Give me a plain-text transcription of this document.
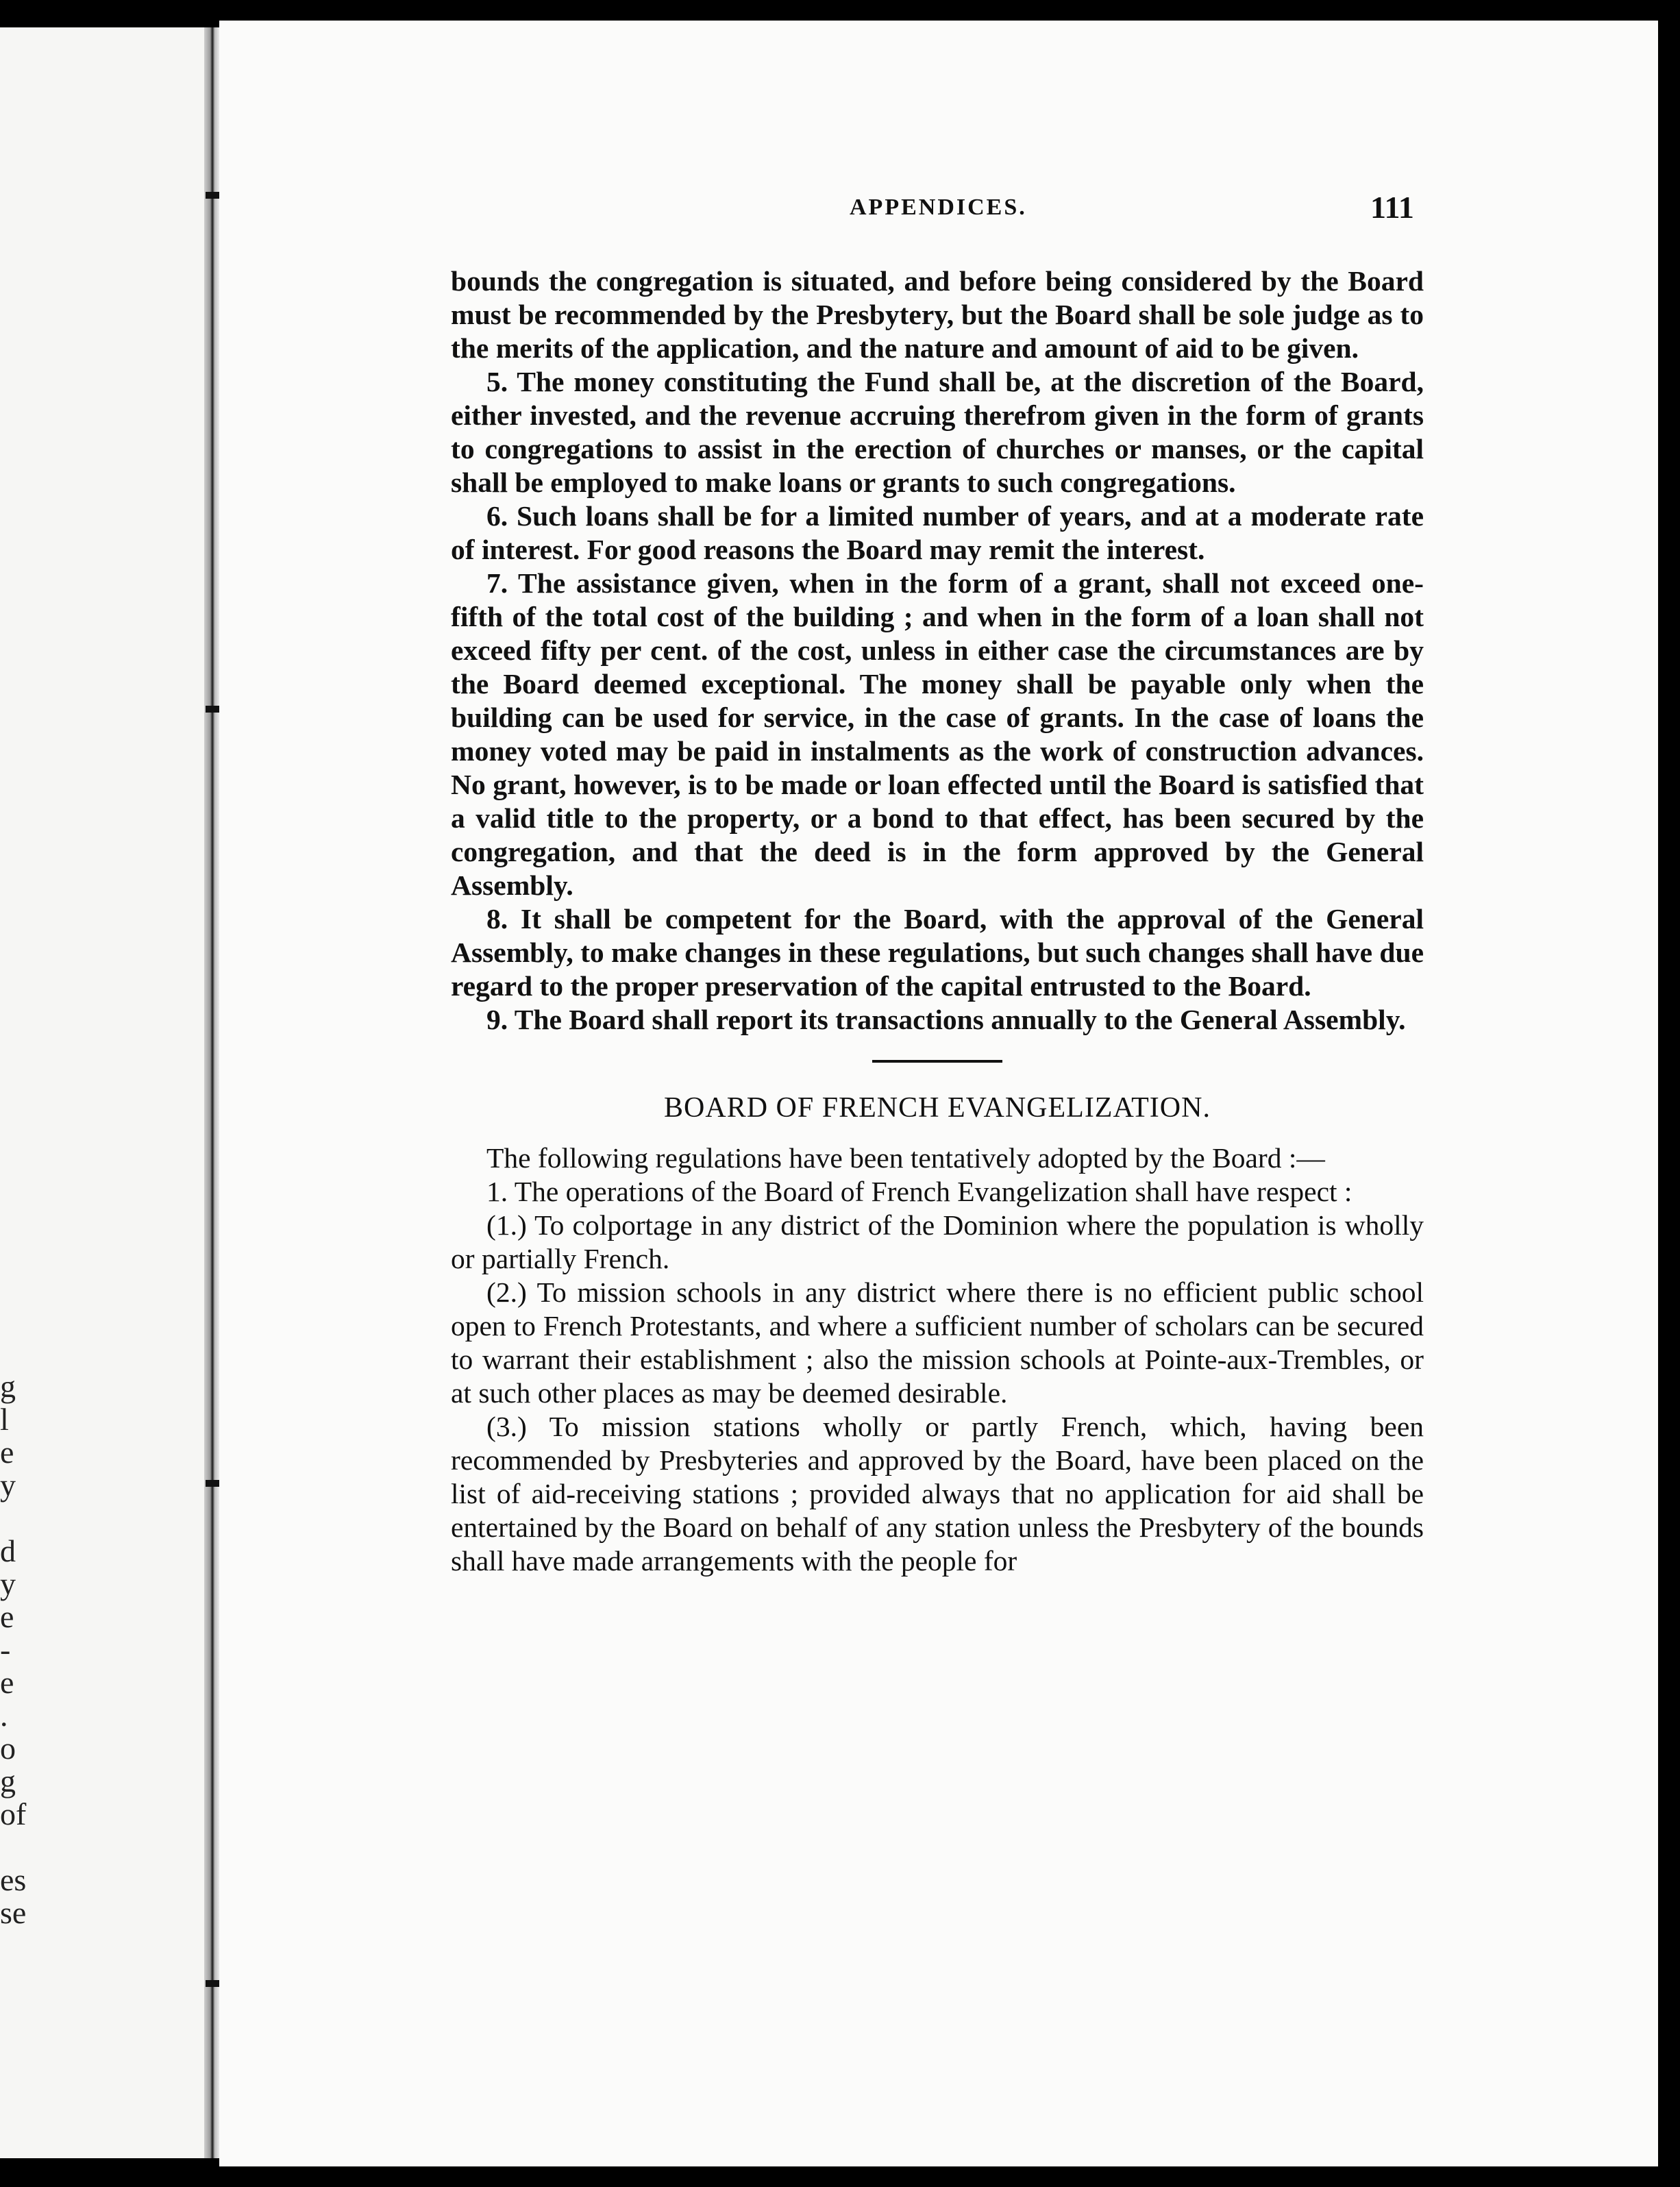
g
l
e
y
d
y
e
-
e
.
o
g
of
es
se
APPENDICES.	111

bounds the congregation is situated, and before being considered by the Board must be recommended by the Presbytery, but the Board shall be sole judge as to the merits of the application, and the nature and amount of aid to be given.

5. The money constituting the Fund shall be, at the discretion of the Board, either invested, and the revenue accruing therefrom given in the form of grants to congregations to assist in the erection of churches or manses, or the capital shall be employed to make loans or grants to such congregations.

6. Such loans shall be for a limited number of years, and at a moderate rate of interest. For good reasons the Board may remit the interest.

7. The assistance given, when in the form of a grant, shall not exceed one-fifth of the total cost of the building ; and when in the form of a loan shall not exceed fifty per cent. of the cost, unless in either case the circumstances are by the Board deemed exceptional. The money shall be payable only when the building can be used for service, in the case of grants. In the case of loans the money voted may be paid in instalments as the work of construction advances. No grant, however, is to be made or loan effected until the Board is satisfied that a valid title to the property, or a bond to that effect, has been secured by the congregation, and that the deed is in the form approved by the General Assembly.

8. It shall be competent for the Board, with the approval of the General Assembly, to make changes in these regulations, but such changes shall have due regard to the proper preservation of the capital entrusted to the Board.

9. The Board shall report its transactions annually to the General Assembly.

BOARD OF FRENCH EVANGELIZATION.

The following regulations have been tentatively adopted by the Board :—

1. The operations of the Board of French Evangelization shall have respect :

(1.) To colportage in any district of the Dominion where the population is wholly or partially French.

(2.) To mission schools in any district where there is no efficient public school open to French Protestants, and where a sufficient number of scholars can be secured to warrant their establishment ; also the mission schools at Pointe-aux-Trembles, or at such other places as may be deemed desirable.

(3.) To mission stations wholly or partly French, which, having been recommended by Presbyteries and approved by the Board, have been placed on the list of aid-receiving stations ; provided always that no application for aid shall be entertained by the Board on behalf of any station unless the Presbytery of the bounds shall have made arrangements with the people for
